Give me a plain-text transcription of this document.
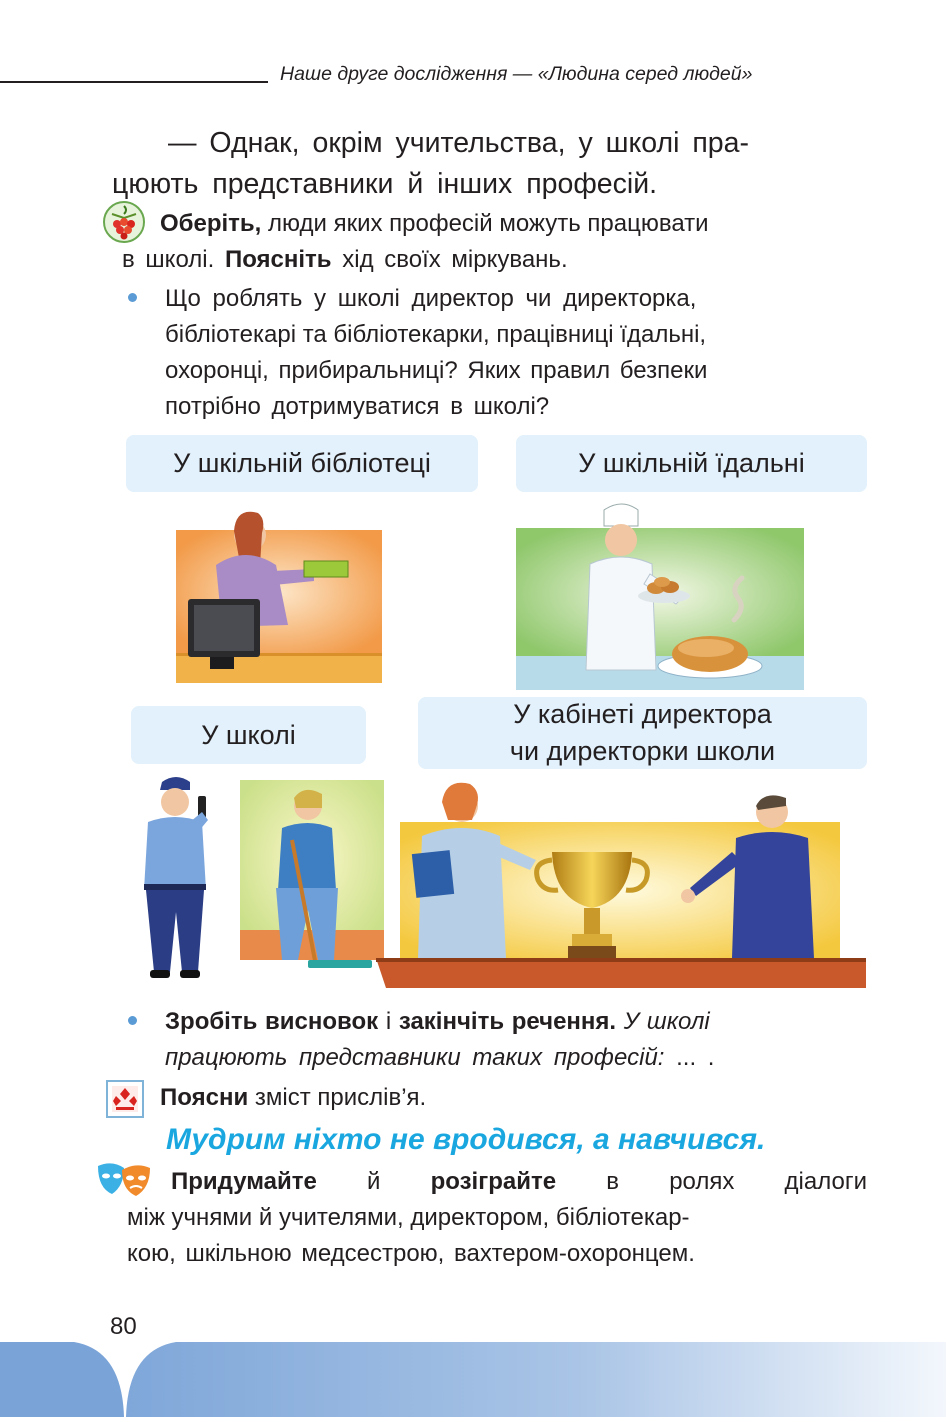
Наше друге дослідження — «Людина серед людей»
— Однак, окрім учительства, у школі пра-
цюють представники й інших професій.
Оберіть, люди яких професій можуть працювати
в школі. Поясніть хід своїх міркувань.
Що роблять у школі директор чи директорка,
бібліотекарі та бібліотекарки, працівниці їдальні,
охоронці, прибиральниці? Яких правил безпеки
потрібно дотримуватися в школі?
У шкільній бібліотеці	У шкільній їдальні
У школі
У кабінеті директора
чи директорки школи
Зробіть висновок і закінчіть речення. У школі
працюють представники таких професій: ... .
Поясни зміст прислів’я.
Мудрим ніхто не вродився, а навчився.
Придумайте й розіграйте в ролях діалоги
між учнями й учителями, директором, бібліотекар-
кою, шкільною медсестрою, вахтером-охоронцем.
80
